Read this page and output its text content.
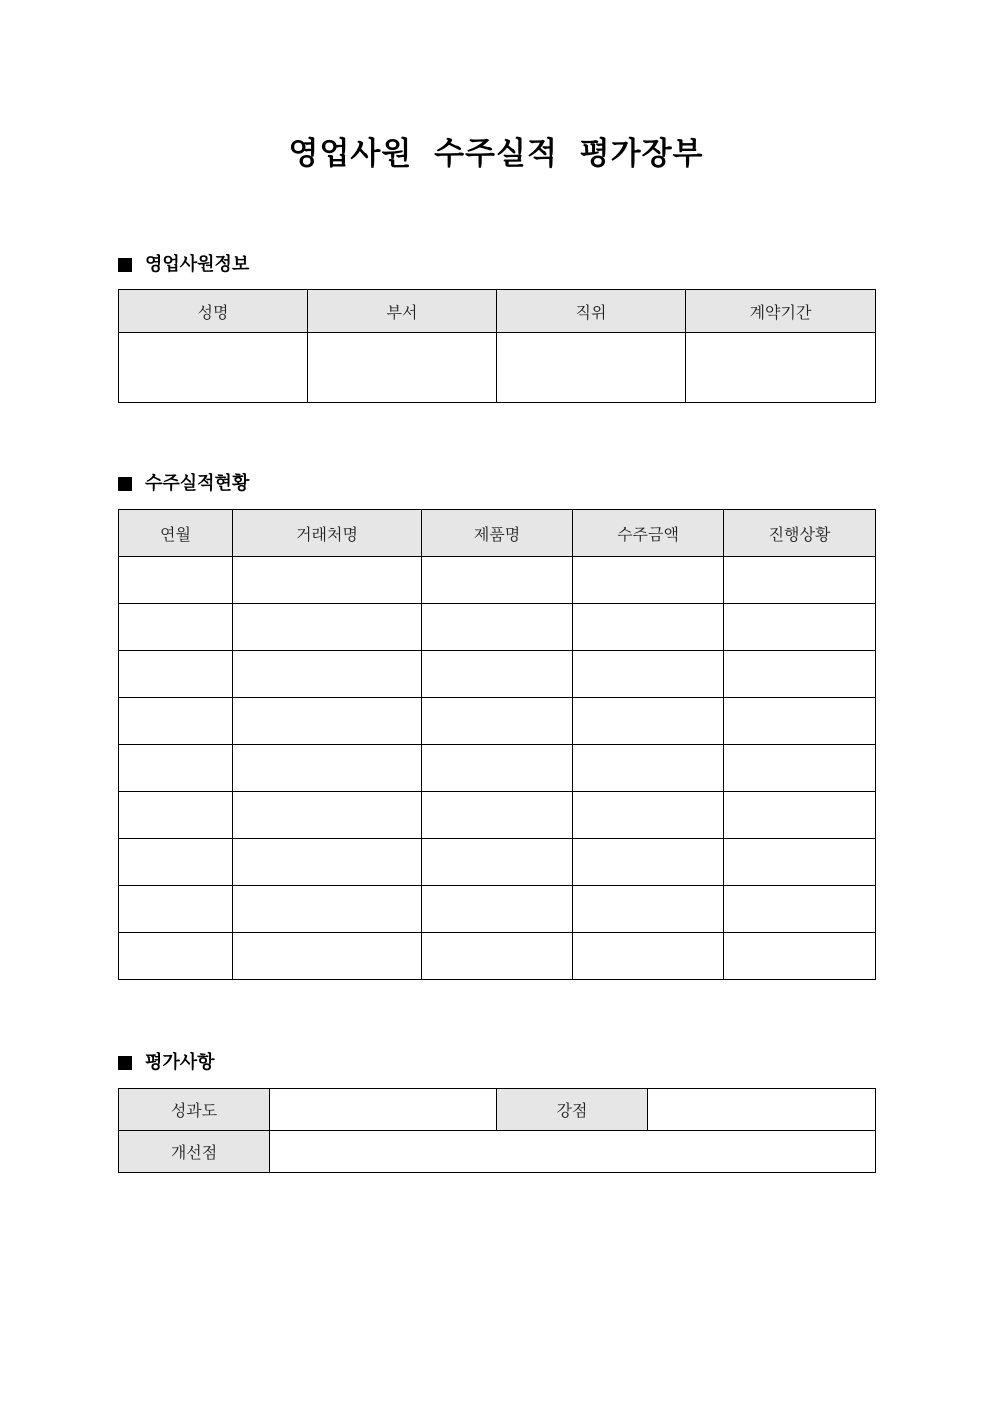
영업사원 수주실적 평가장부
영업사원정보
성명	부서	직위	계약기간

수주실적현황
연월	거래처명	제품명	수주금액	진행상황

평가사항
성과도		강점	
개선점			
